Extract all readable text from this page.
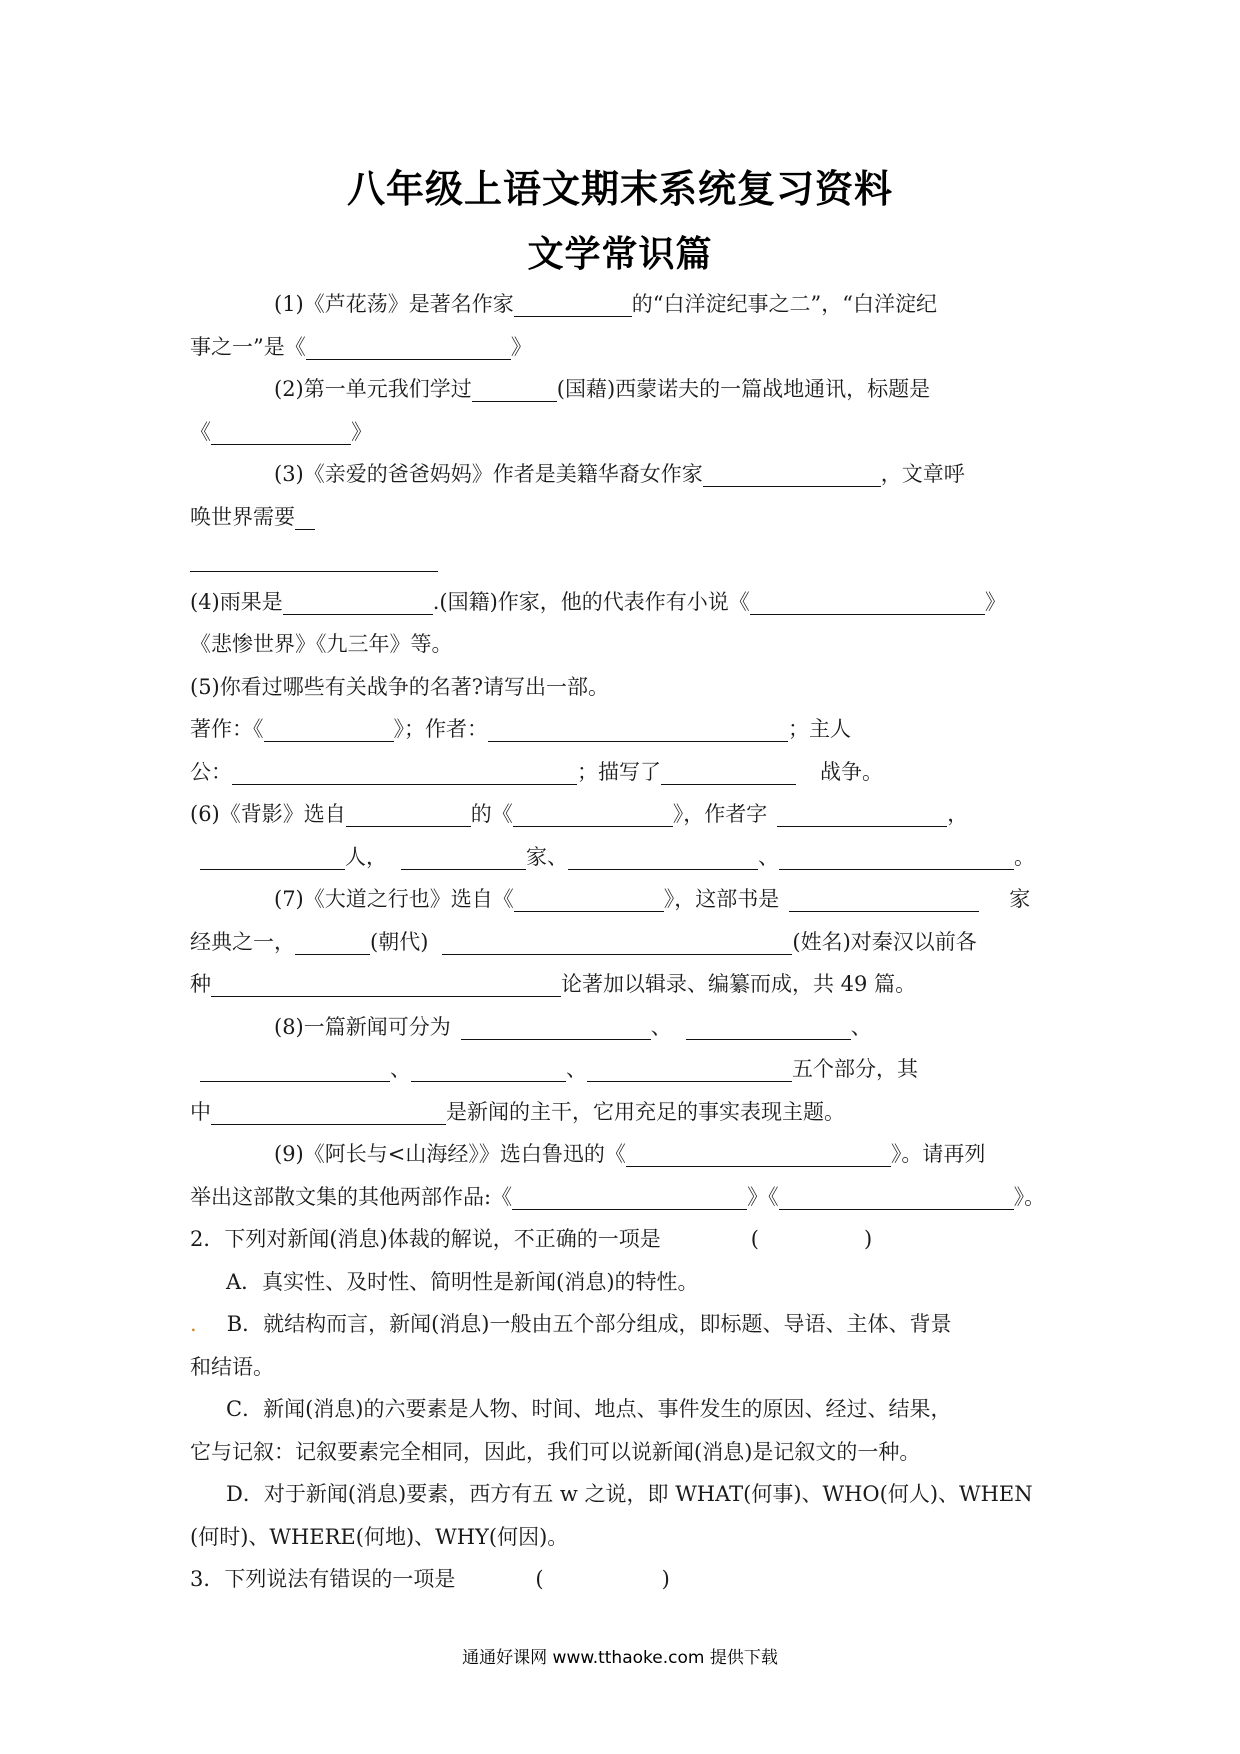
八年级上语文期末系统复习资料
文学常识篇
(1)《芦花荡》是著名作家	的“白洋淀纪事之二”，“白洋淀纪
事之一”是《	》
(2)第一单元我们学过	(国藉)西蒙诺夫的一篇战地通讯，标题是
《	》
(3)《亲爱的爸爸妈妈》作者是美籍华裔女作家	，文章呼
唤世界需要
(4)雨果是	.(国籍)作家，他的代表作有小说《	》
《悲惨世界》《九三年》等。
(5)你看过哪些有关战争的名著?请写出一部。
著作：《	》；作者：	；主人
公：	；描写了	战争。
(6)《背影》选自	的《	》，作者字	，
人，	家、	、	。
(7)《大道之行也》选自《	》，这部书是	家
经典之一，	(朝代)	(姓名)对秦汉以前各
种	论著加以辑录、编纂而成，共 49 篇。
(8)一篇新闻可分为	、	、
、	、	五个部分，其
中	是新闻的主干，它用充足的事实表现主题。
(9)《阿长与<山海经》》选白鲁迅的《	》。请再列
举出这部散文集的其他两部作品:《	》《	》。
2．下列对新闻(消息)体裁的解说，不正确的一项是	(	)
A．真实性、及时性、简明性是新闻(消息)的特性。
. B．就结构而言，新闻(消息)一般由五个部分组成，即标题、导语、主体、背景
和结语。
C．新闻(消息)的六要素是人物、时间、地点、事件发生的原因、经过、结果，
它与记叙：记叙要素完全相同，因此，我们可以说新闻(消息)是记叙文的一种。
D．对于新闻(消息)要素，西方有五 w 之说，即 WHAT(何事)、WHO(何人)、WHEN
(何时)、WHERE(何地)、WHY(何因)。
3．下列说法有错误的一项是	(	)
通通好课网 www.tthaoke.com 提供下载
